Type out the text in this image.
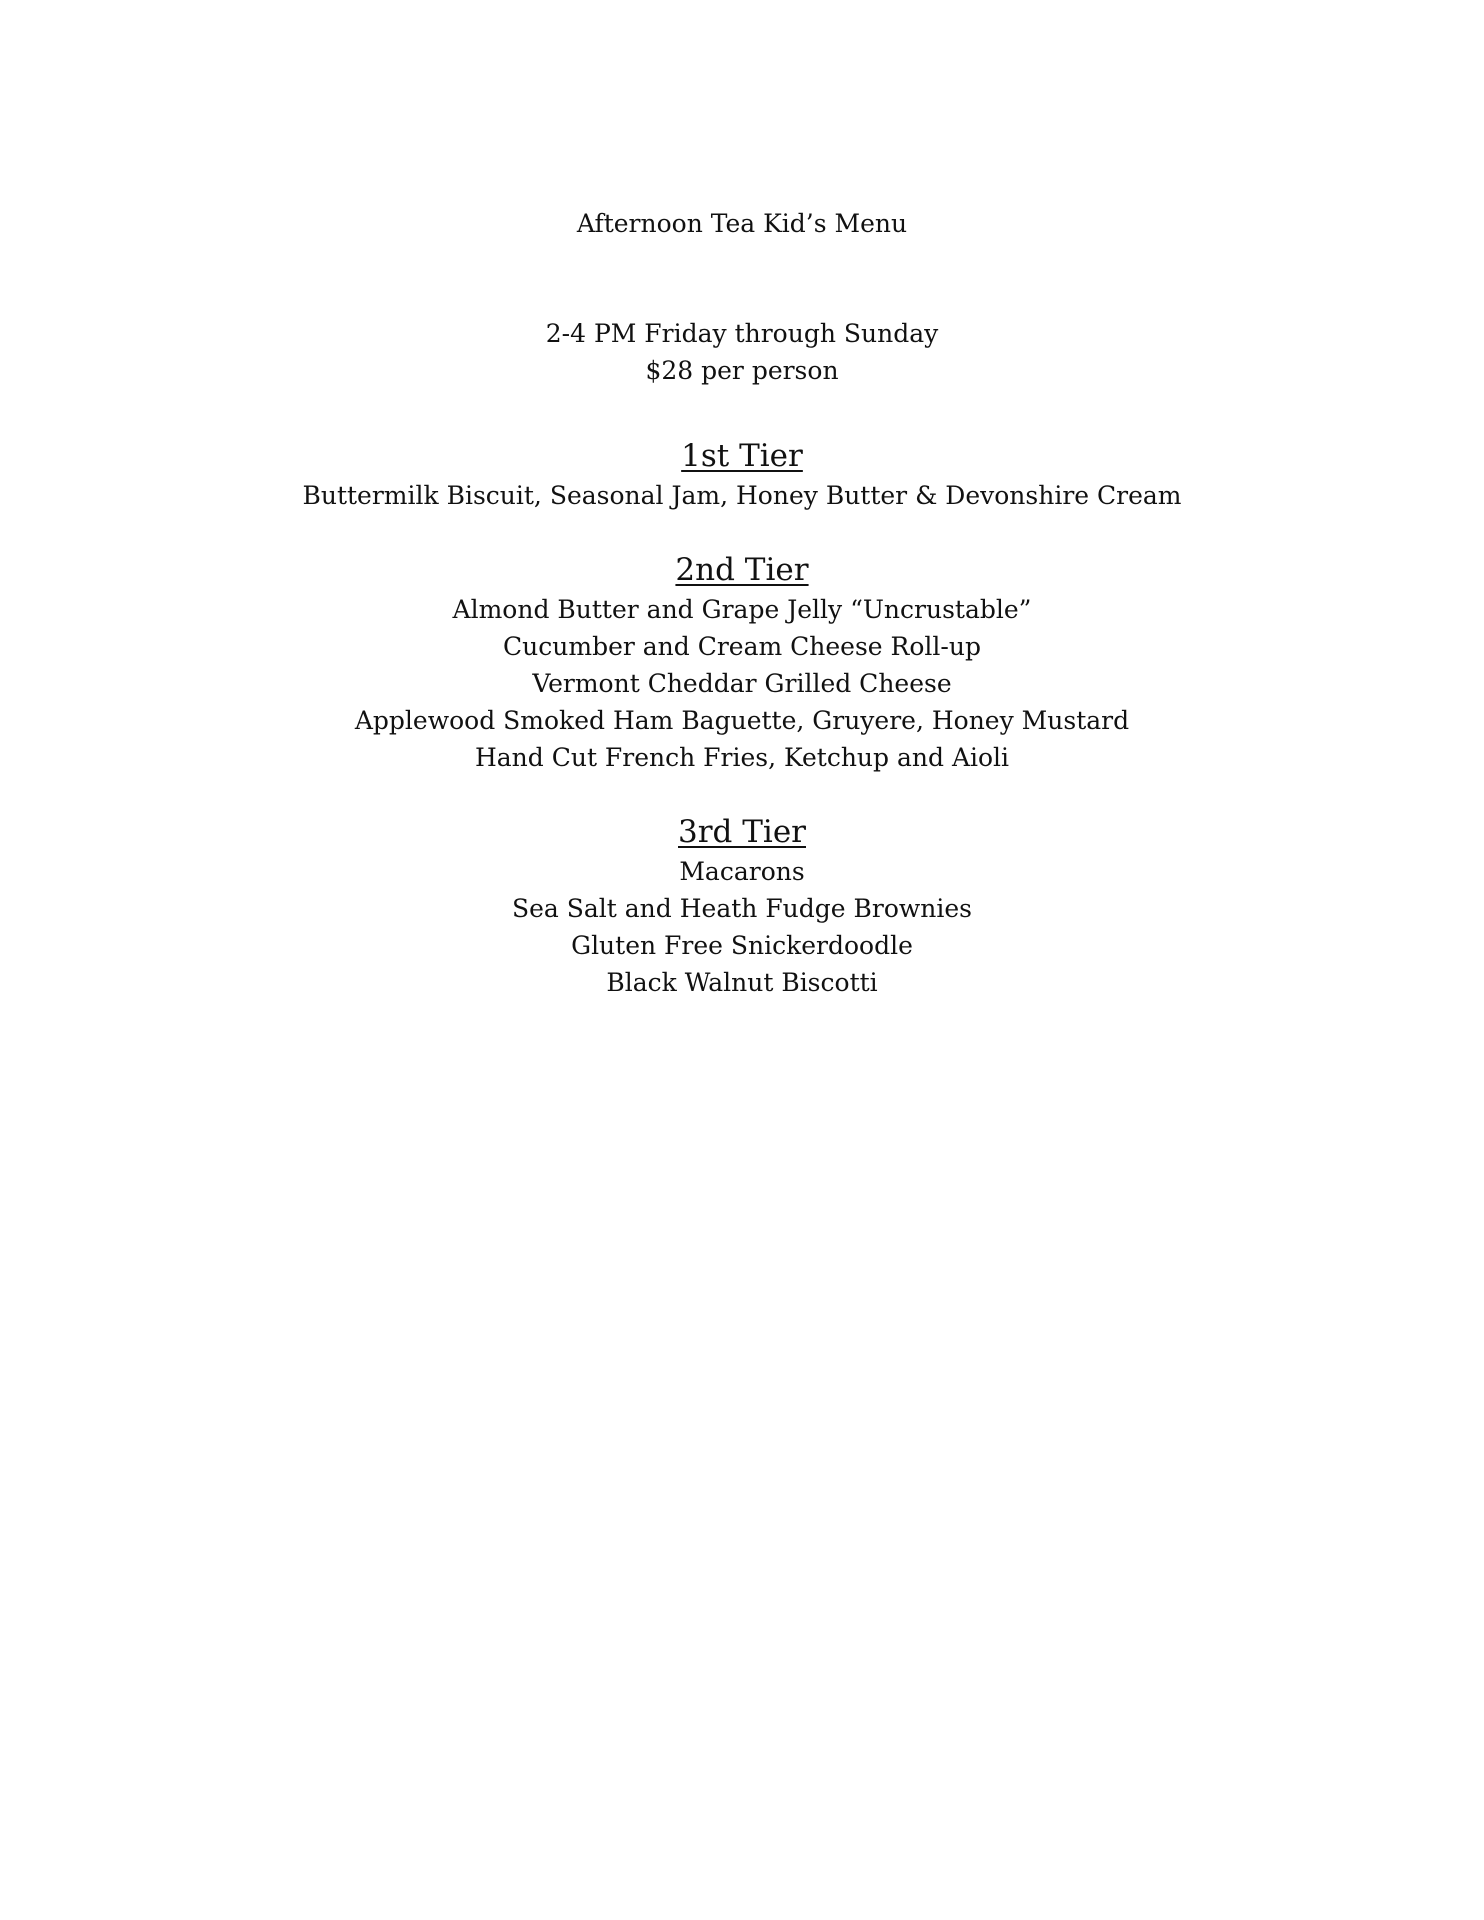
Afternoon Tea Kid’s Menu
2-4 PM Friday through Sunday
$28 per person
1st Tier
Buttermilk Biscuit, Seasonal Jam, Honey Butter & Devonshire Cream
2nd Tier
Almond Butter and Grape Jelly “Uncrustable”
Cucumber and Cream Cheese Roll-up
Vermont Cheddar Grilled Cheese
Applewood Smoked Ham Baguette, Gruyere, Honey Mustard
Hand Cut French Fries, Ketchup and Aioli
3rd Tier
Macarons
Sea Salt and Heath Fudge Brownies
Gluten Free Snickerdoodle
Black Walnut Biscotti
